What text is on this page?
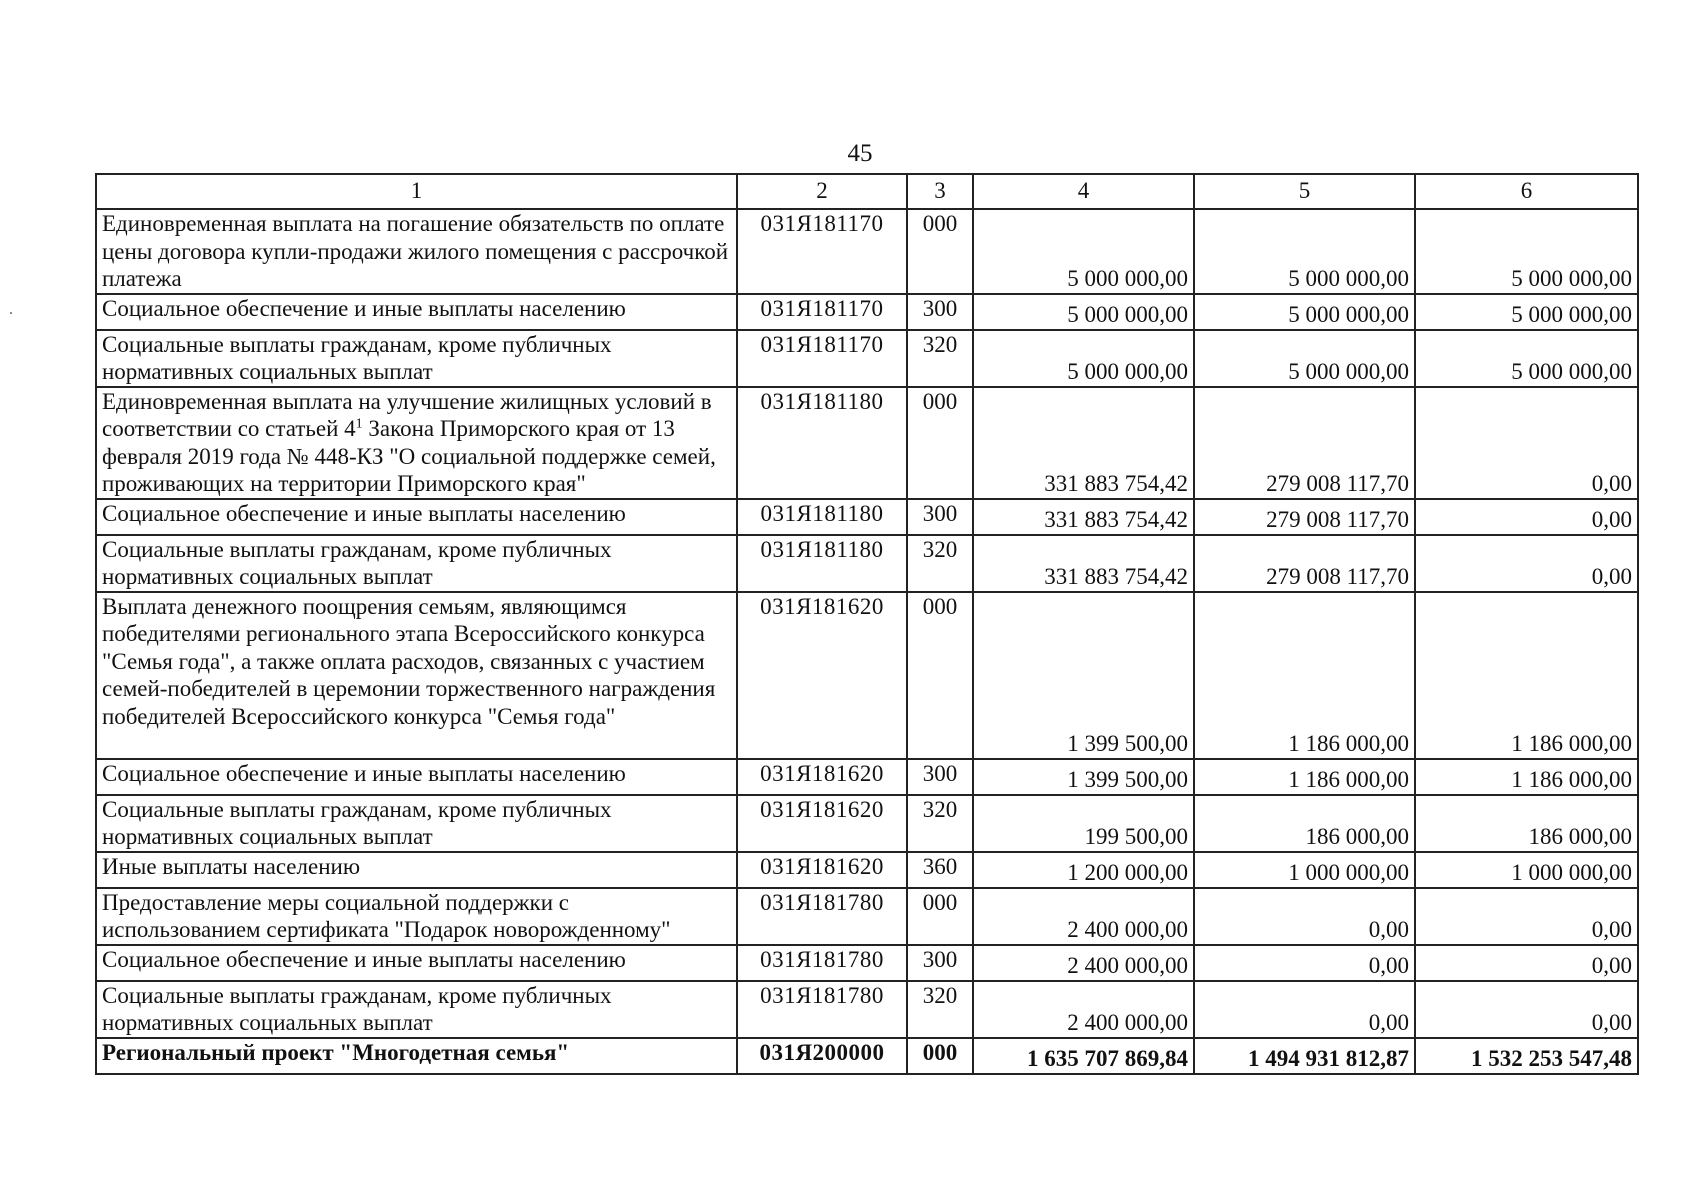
45
1	2	3	4	5	6
Единовременная выплата на погашение обязательств по оплате цены договора купли-продажи жилого помещения с рассрочкой платежа	031Я181170	000	5 000 000,00	5 000 000,00	5 000 000,00
Социальное обеспечение и иные выплаты населению	031Я181170	300	5 000 000,00	5 000 000,00	5 000 000,00
Социальные выплаты гражданам, кроме публичных нормативных социальных выплат	031Я181170	320	5 000 000,00	5 000 000,00	5 000 000,00
Единовременная выплата на улучшение жилищных условий в соответствии со статьей $4^1$ Закона Приморского края от 13 февраля 2019 года № 448-КЗ "О социальной поддержке семей, проживающих на территории Приморского края"	031Я181180	000	331 883 754,42	279 008 117,70	0,00
Социальное обеспечение и иные выплаты населению	031Я181180	300	331 883 754,42	279 008 117,70	0,00
Социальные выплаты гражданам, кроме публичных нормативных социальных выплат	031Я181180	320	331 883 754,42	279 008 117,70	0,00
Выплата денежного поощрения семьям, являющимся победителями регионального этапа Всероссийского конкурса "Семья года", а также оплата расходов, связанных с участием семей-победителей в церемонии торжественного награждения победителей Всероссийского конкурса "Семья года"	031Я181620	000	1 399 500,00	1 186 000,00	1 186 000,00
Социальное обеспечение и иные выплаты населению	031Я181620	300	1 399 500,00	1 186 000,00	1 186 000,00
Социальные выплаты гражданам, кроме публичных нормативных социальных выплат	031Я181620	320	199 500,00	186 000,00	186 000,00
Иные выплаты населению	031Я181620	360	1 200 000,00	1 000 000,00	1 000 000,00
Предоставление меры социальной поддержки с использованием сертификата "Подарок новорожденному"	031Я181780	000	2 400 000,00	0,00	0,00
Социальное обеспечение и иные выплаты населению	031Я181780	300	2 400 000,00	0,00	0,00
Социальные выплаты гражданам, кроме публичных нормативных социальных выплат	031Я181780	320	2 400 000,00	0,00	0,00
Региональный проект "Многодетная семья"	031Я200000	000	1 635 707 869,84	1 494 931 812,87	1 532 253 547,48
